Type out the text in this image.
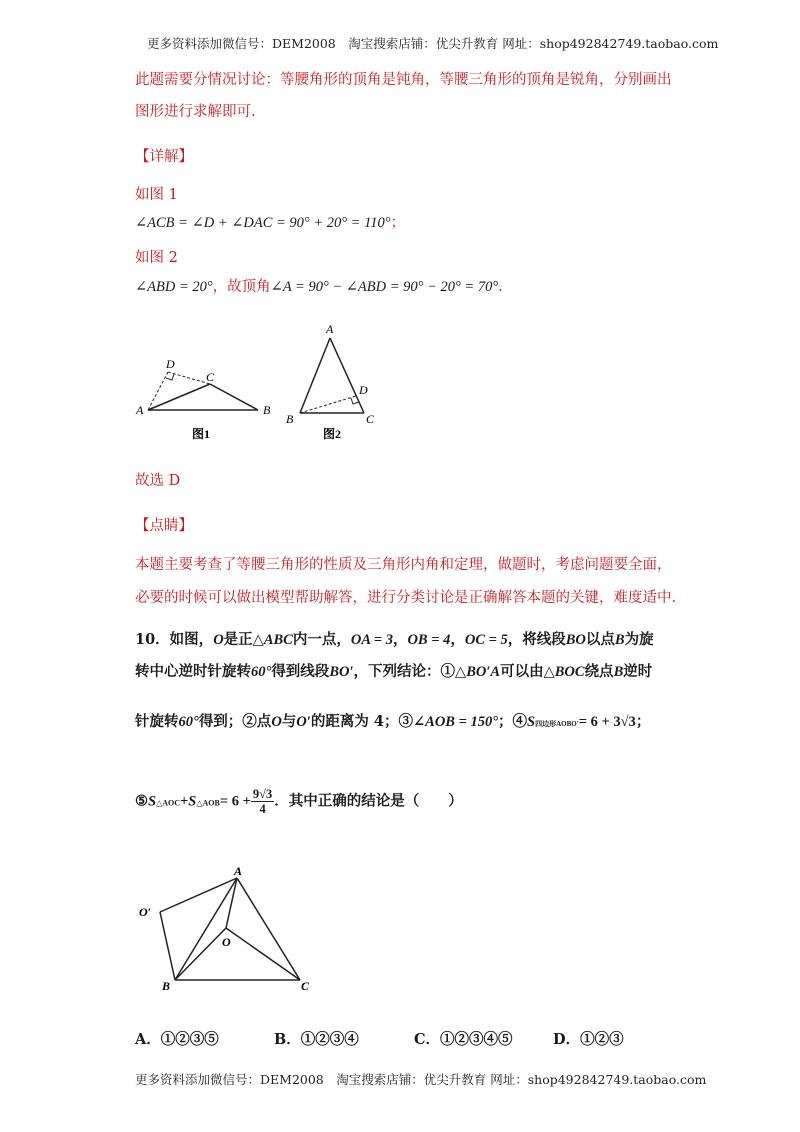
更多资料添加微信号：DEM2008　淘宝搜索店铺：优尖升教育 网址：shop492842749.taobao.com
此题需要分情况讨论：等腰角形的顶角是钝角，等腰三角形的顶角是锐角，分别画出
图形进行求解即可.
【详解】
如图 1
∠ACB = ∠D + ∠DAC = 90° + 20° = 110°；
如图 2
∠ABD = 20°，故顶角∠A = 90° − ∠ABD = 90° − 20° = 70°.
A	B
C
D
图1
A
B	C
D
图2
故选 D
【点睛】
本题主要考查了等腰三角形的性质及三角形内角和定理，做题时，考虑问题要全面，
必要的时候可以做出模型帮助解答，进行分类讨论是正确解答本题的关键，难度适中.
10．如图，O是正△ABC内一点，OA = 3，OB = 4，OC = 5，将线段BO以点B为旋
转中心逆时针旋转60°得到线段BO′，下列结论：①△BO′A可以由△BOC绕点B逆时
针旋转60°得到；②点O与O′的距离为 4；③∠AOB = 150°；④S四边形AOBO′= 6 + 3√3；
⑤S△AOC+S△AOB= $6 + \frac{9√3}{4}$ ．其中正确的结论是（　　）
A
B	C
O
O′
A．①②③⑤	B．①②③④	C．①②③④⑤	D．①②③
更多资料添加微信号：DEM2008　淘宝搜索店铺：优尖升教育 网址：shop492842749.taobao.com
